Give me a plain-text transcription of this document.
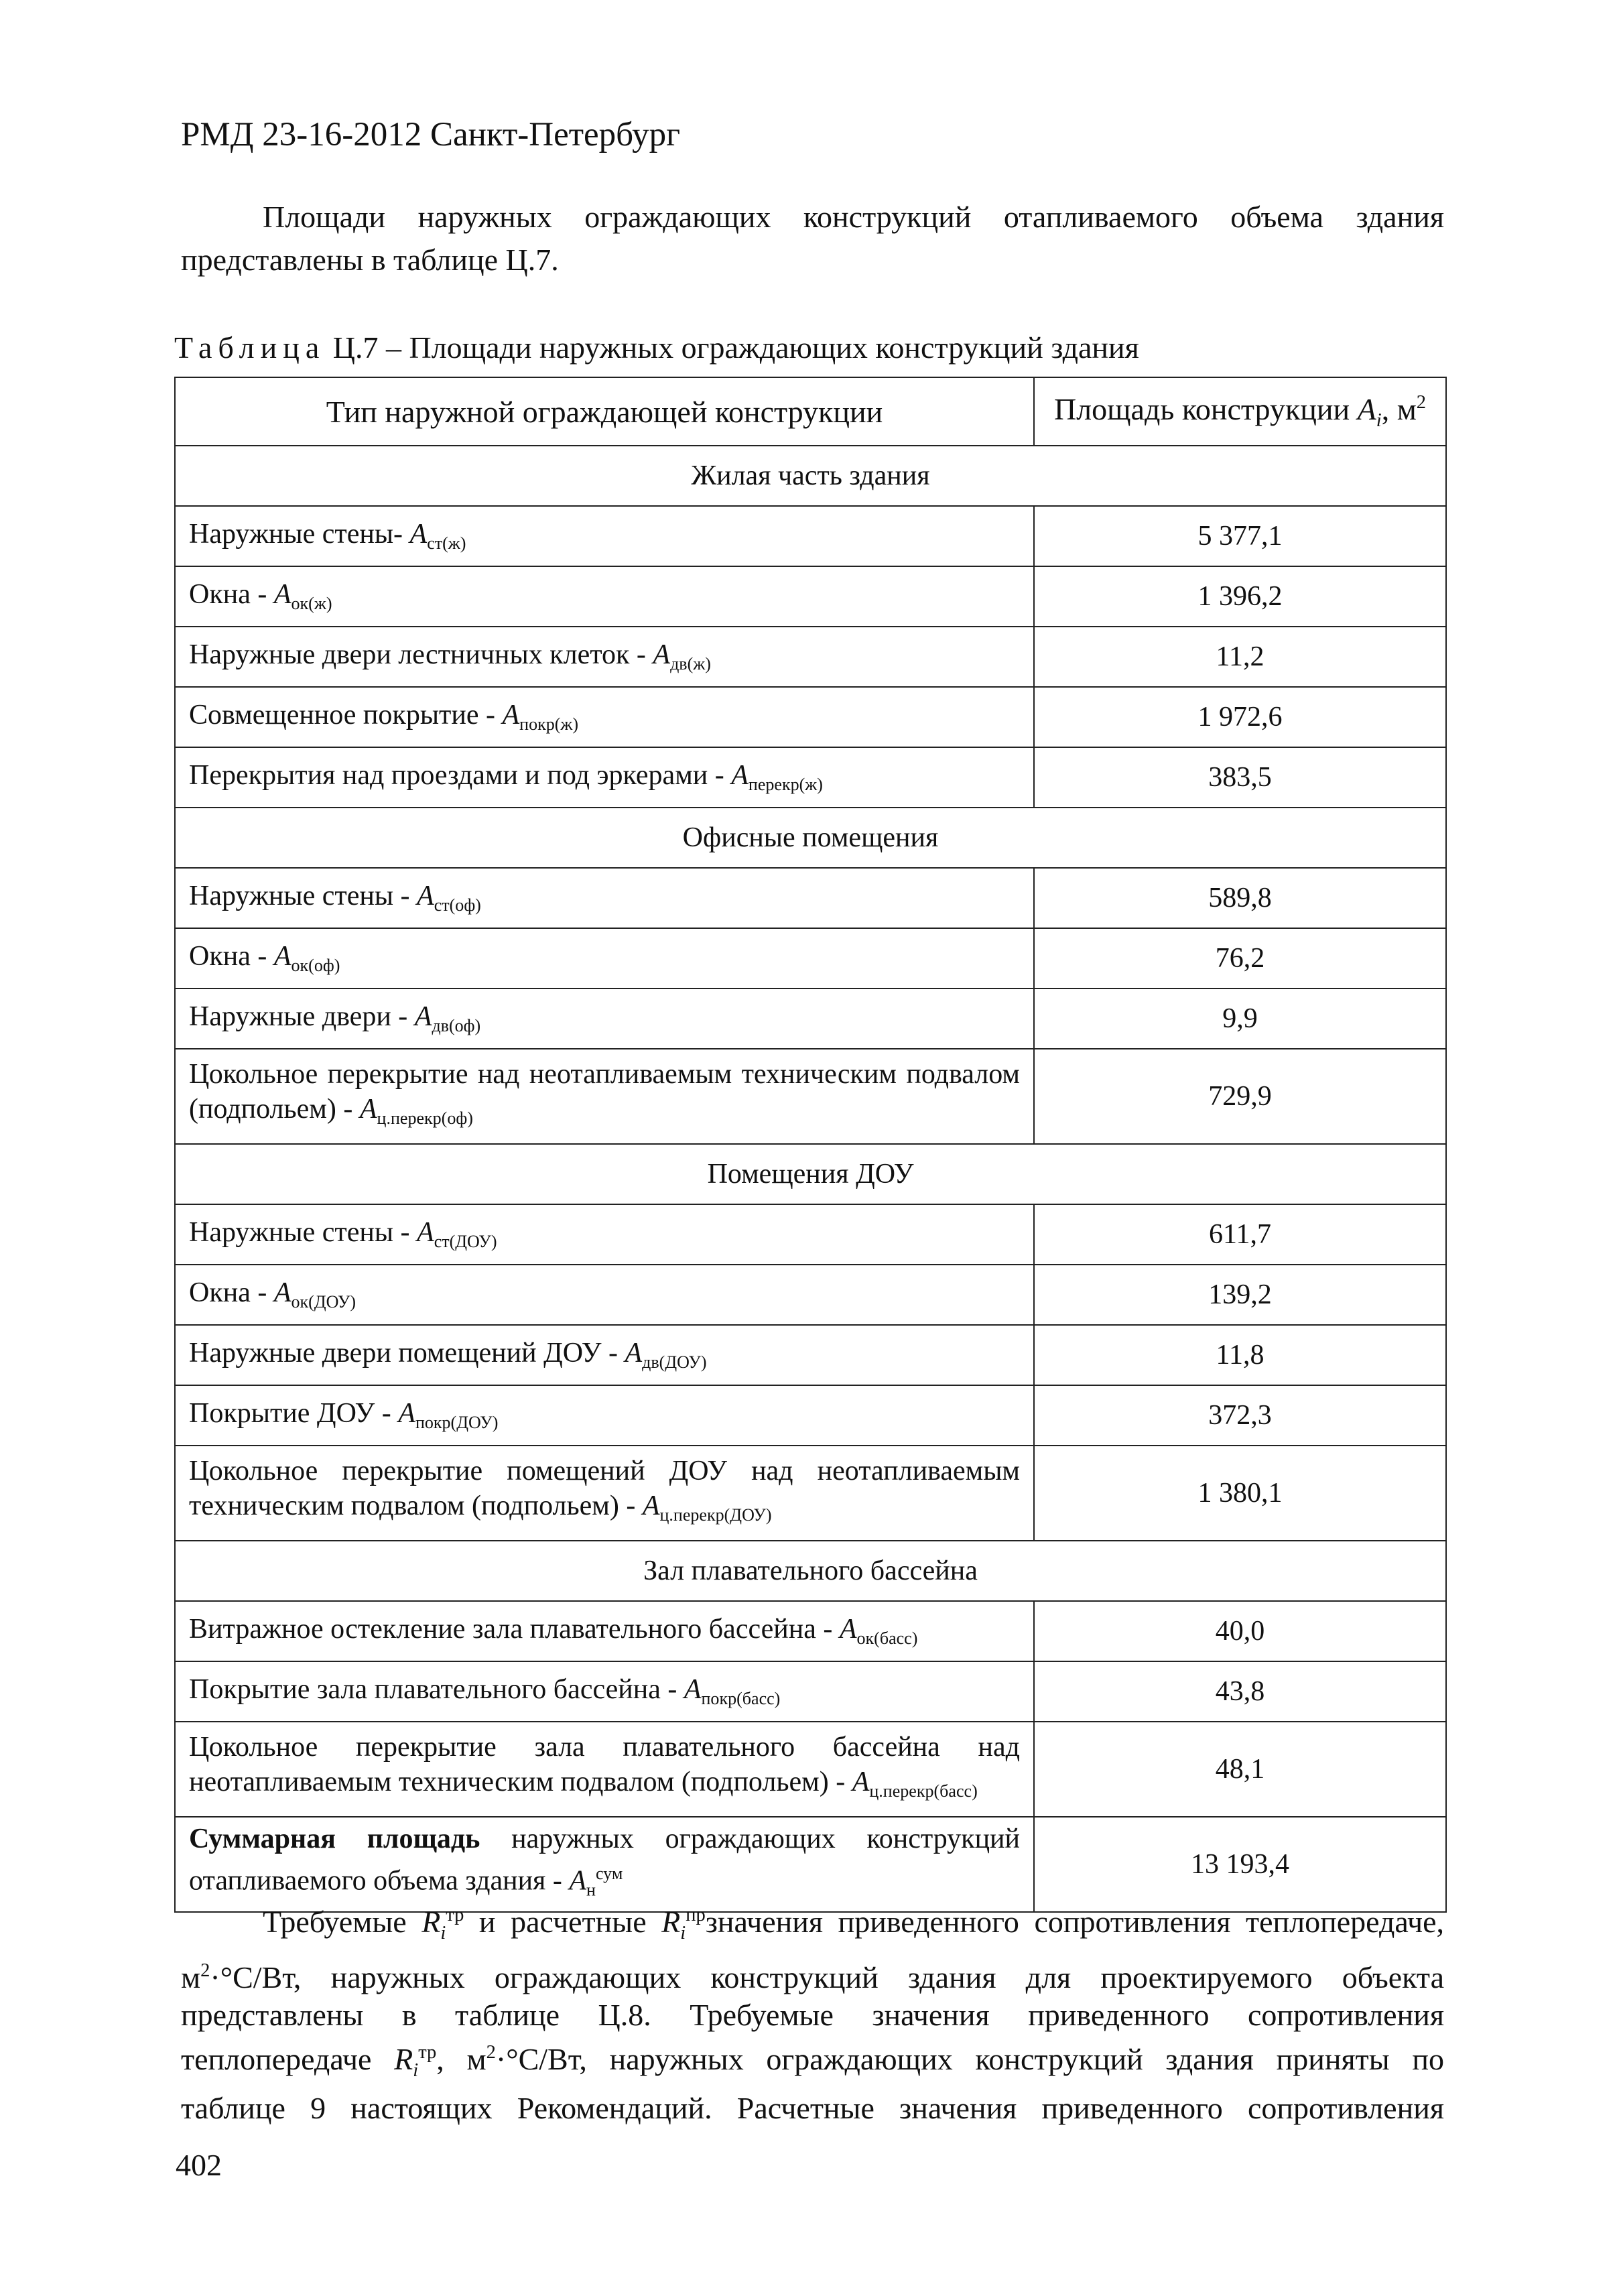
РМД 23-16-2012 Санкт-Петербург
Площади наружных ограждающих конструкций отапливаемого объема здания
представлены в таблице Ц.7.
Таблица Ц.7 – Площади наружных ограждающих конструкций здания
Тип наружной ограждающей конструкции	Площадь конструкции $A_i$, $м^2$
Жилая часть здания	
Наружные стены- $A_{ст(ж)}$	5 377,1
Окна - $A_{ок(ж)}$	1 396,2
Наружные двери лестничных клеток - $A_{дв(ж)}$	11,2
Совмещенное покрытие - $A_{покр(ж)}$	1 972,6
Перекрытия над проездами и под эркерами - $A_{перекр(ж)}$	383,5
Офисные помещения	
Наружные стены - $A_{ст(оф)}$	589,8
Окна - $A_{ок(оф)}$	76,2
Наружные двери - $A_{дв(оф)}$	9,9

Цокольное перекрытие над неотапливаемым техническим подвалом
(подпольем) - $A_{ц.перекр(оф)}$	729,9
Помещения ДОУ	
Наружные стены - $A_{ст(ДОУ)}$	611,7
Окна - $A_{ок(ДОУ)}$	139,2
Наружные двери помещений ДОУ - $A_{дв(ДОУ)}$	11,8
Покрытие ДОУ - $A_{покр(ДОУ)}$	372,3

Цокольное перекрытие помещений ДОУ над неотапливаемым
техническим подвалом (подпольем) - $A_{ц.перекр(ДОУ)}$	1 380,1
Зал плавательного бассейна	
Витражное остекление зала плавательного бассейна - $A_{ок(басс)}$	40,0
Покрытие зала плавательного бассейна - $A_{покр(басс)}$	43,8

Цокольное перекрытие зала плавательного бассейна над
неотапливаемым техническим подвалом (подпольем) - $A_{ц.перекр(басс)}$	48,1

Суммарная площадь наружных ограждающих конструкций
отапливаемого объема здания - $A_н^{сум}$	13 193,4
Требуемые $R_i^{тр}$ и расчетные $R_i^{пр}значения$ приведенного сопротивления теплопередаче,
$м^2\cdot^\circ С/Вт$, наружных ограждающих конструкций здания для проектируемого объекта
представлены в таблице Ц.8. Требуемые значения приведенного сопротивления
теплопередаче $R_i^{тр}$, $м^2\cdot^\circ С/Вт$, наружных ограждающих конструкций здания приняты по
таблице 9 настоящих Рекомендаций. Расчетные значения приведенного сопротивления
402
